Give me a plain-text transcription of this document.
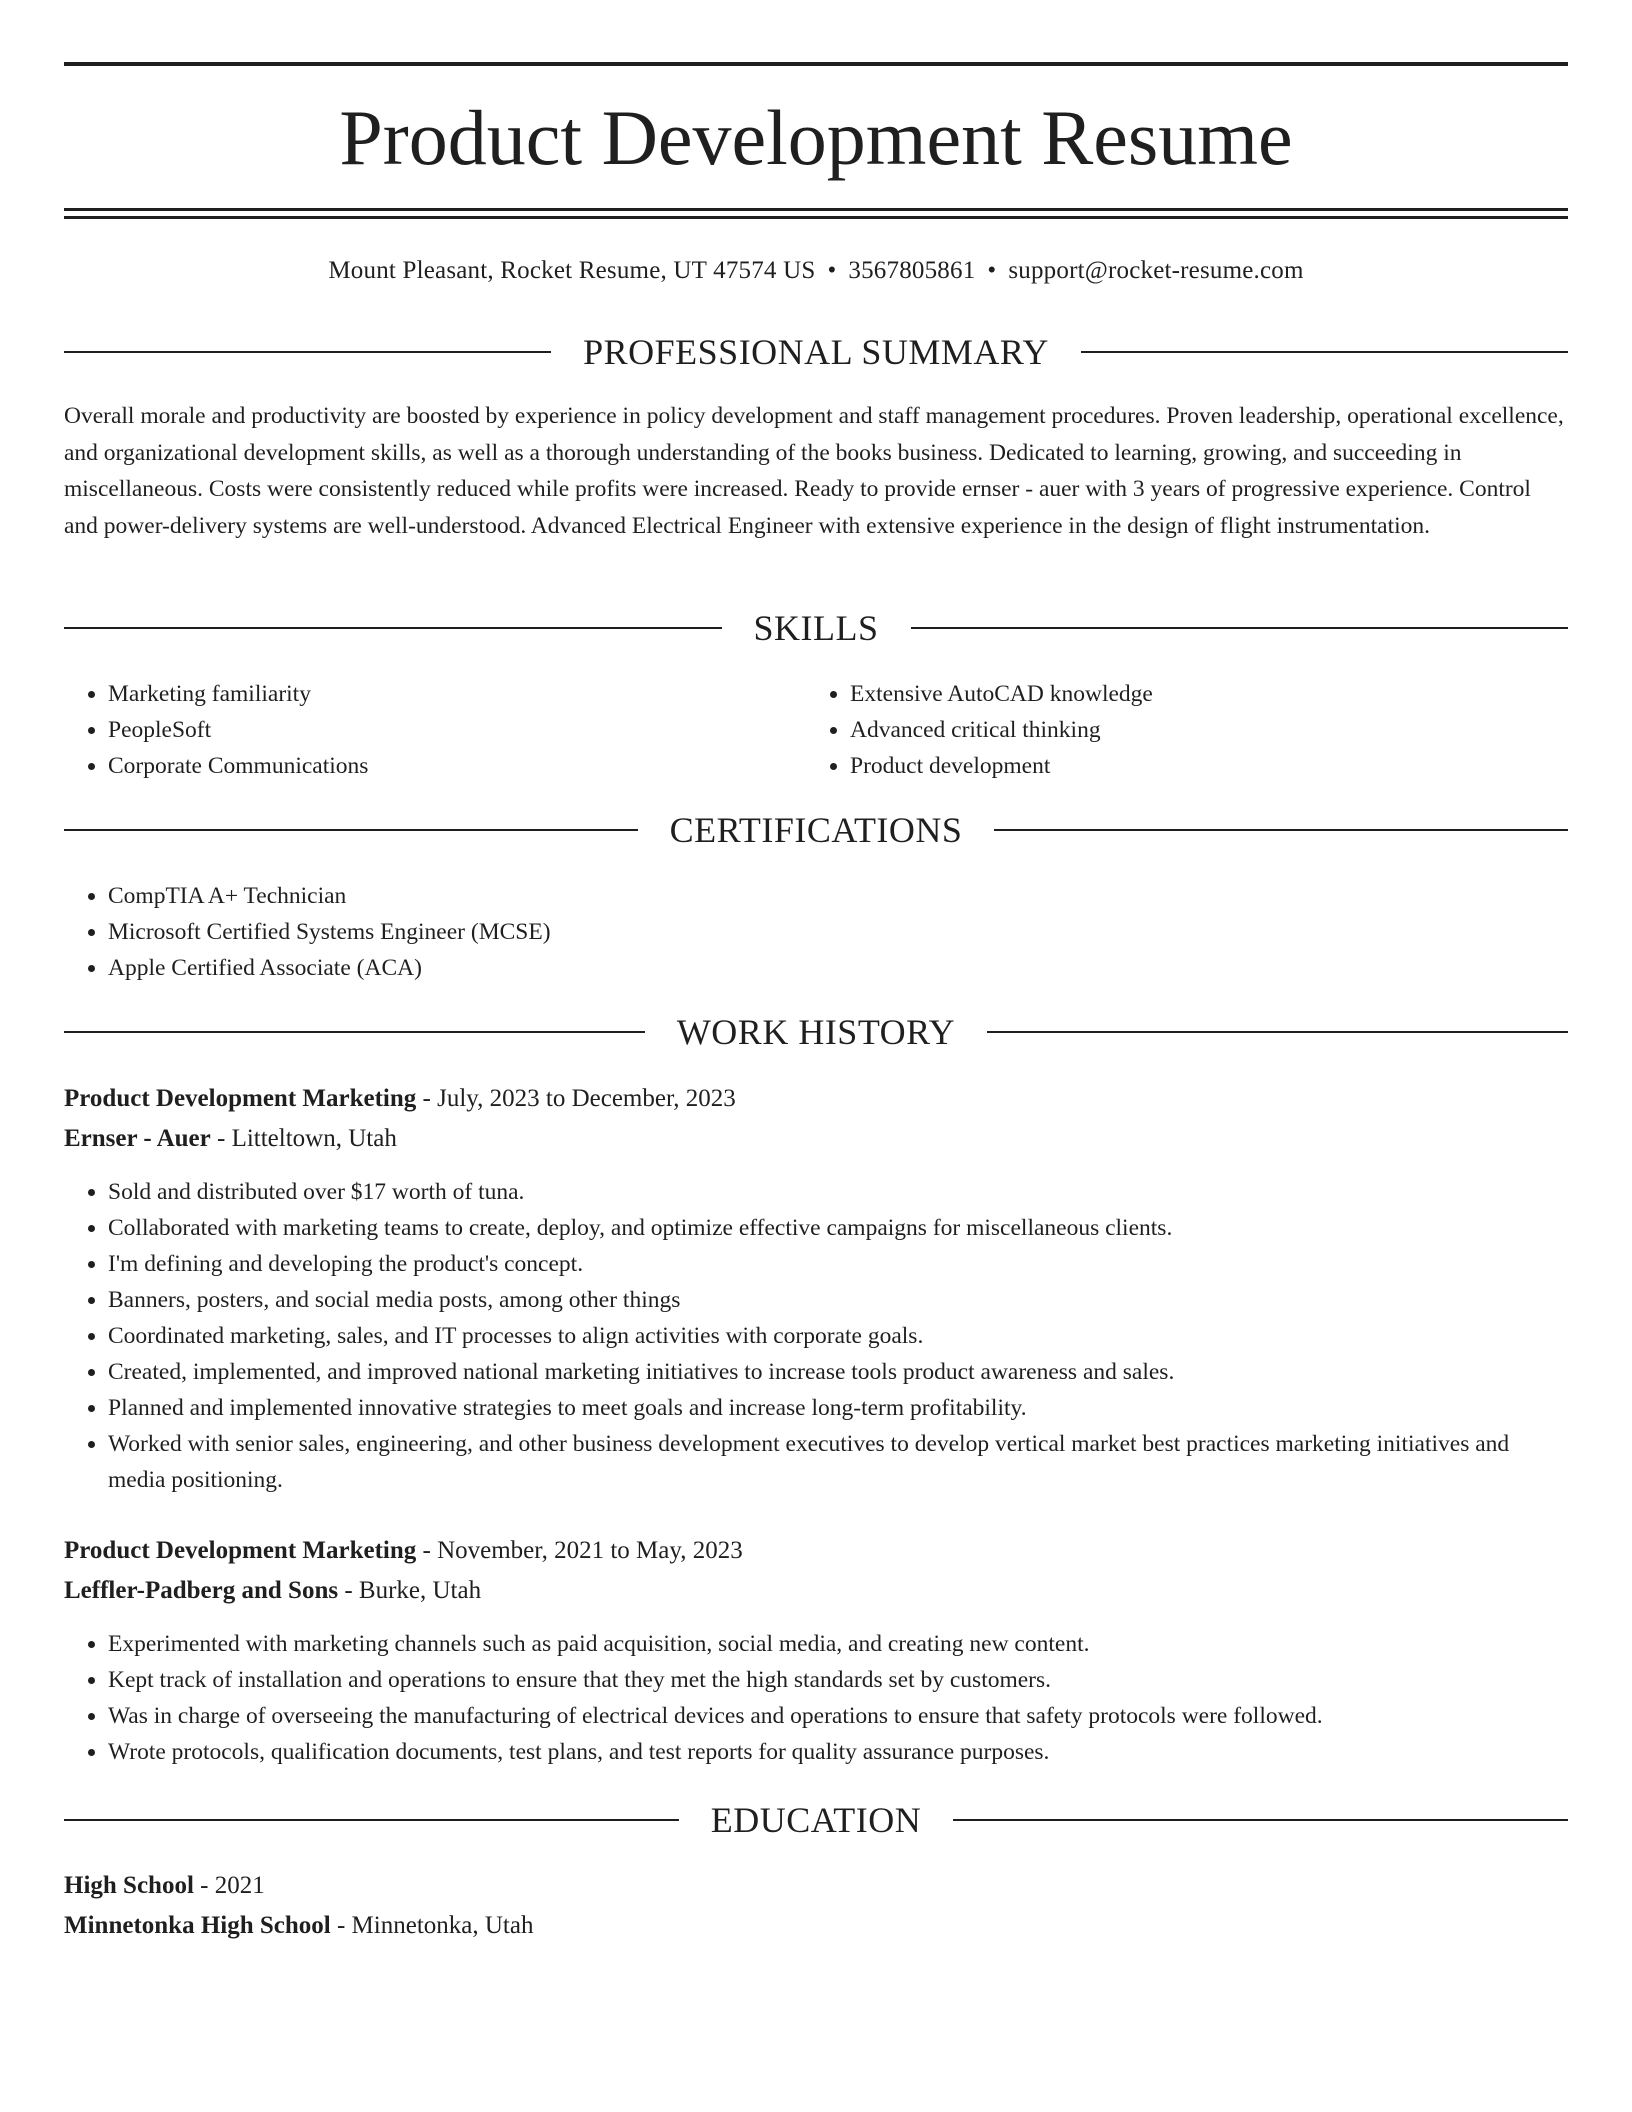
Product Development Resume
Mount Pleasant, Rocket Resume, UT 47574 US • 3567805861 • support@rocket-resume.com
PROFESSIONAL SUMMARY

Overall morale and productivity are boosted by experience in policy development and staff management procedures. Proven leadership, operational excellence, and organizational development skills, as well as a thorough understanding of the books business. Dedicated to learning, growing, and succeeding in miscellaneous. Costs were consistently reduced while profits were increased. Ready to provide ernser - auer with 3 years of progressive experience. Control and power-delivery systems are well-understood. Advanced Electrical Engineer with extensive experience in the design of flight instrumentation.

SKILLS
• Marketing familiarity
• PeopleSoft
• Corporate Communications
• Extensive AutoCAD knowledge
• Advanced critical thinking
• Product development
CERTIFICATIONS
• CompTIA A+ Technician
• Microsoft Certified Systems Engineer (MCSE)
• Apple Certified Associate (ACA)
WORK HISTORY
Product Development Marketing - July, 2023 to December, 2023
Ernser - Auer - Litteltown, Utah
• Sold and distributed over $17 worth of tuna.
• Collaborated with marketing teams to create, deploy, and optimize effective campaigns for miscellaneous clients.
• I'm defining and developing the product's concept.
• Banners, posters, and social media posts, among other things
• Coordinated marketing, sales, and IT processes to align activities with corporate goals.
• Created, implemented, and improved national marketing initiatives to increase tools product awareness and sales.
• Planned and implemented innovative strategies to meet goals and increase long-term profitability.
• Worked with senior sales, engineering, and other business development executives to develop vertical market best practices marketing initiatives and media positioning.
Product Development Marketing - November, 2021 to May, 2023
Leffler-Padberg and Sons - Burke, Utah
• Experimented with marketing channels such as paid acquisition, social media, and creating new content.
• Kept track of installation and operations to ensure that they met the high standards set by customers.
• Was in charge of overseeing the manufacturing of electrical devices and operations to ensure that safety protocols were followed.
• Wrote protocols, qualification documents, test plans, and test reports for quality assurance purposes.
EDUCATION
High School - 2021
Minnetonka High School - Minnetonka, Utah
